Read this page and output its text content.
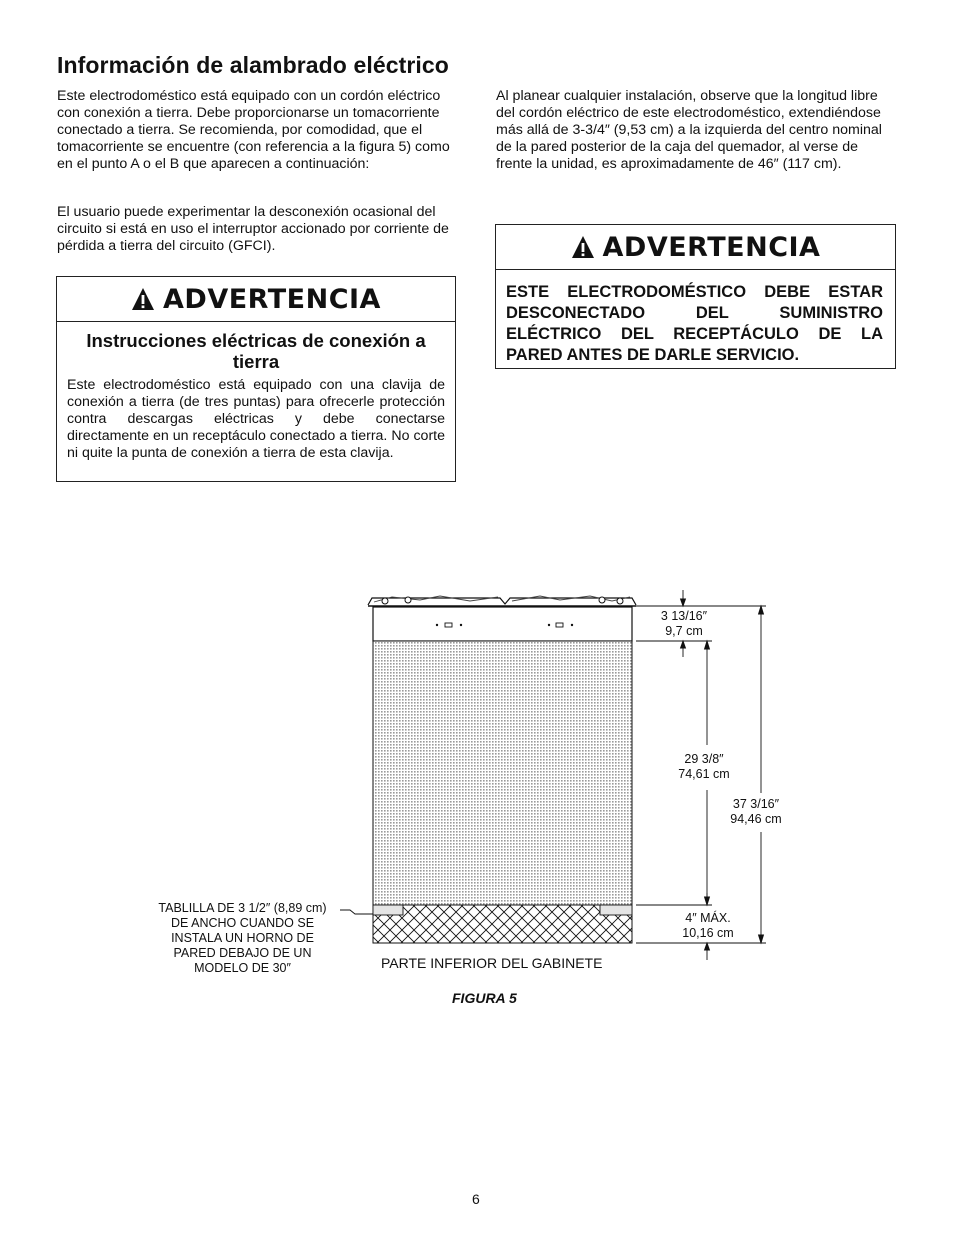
Información de alambrado eléctrico

Este electrodoméstico está equipado con un cordón eléctrico con conexión a tierra. Debe proporcionarse un tomacorriente conectado a tierra. Se recomienda, por comodidad, que el tomacorriente se encuentre (con referencia a la figura 5) como en el punto A o el B que aparecen a continuación:

El usuario puede experimentar la desconexión ocasional del circuito si está en uso el interruptor accionado por corriente de pérdida a tierra del circuito (GFCI).

Al planear cualquier instalación, observe que la longitud libre del cordón eléctrico de este electrodoméstico, extendiéndose más allá de 3-3/4″ (9,53 cm) a la izquierda del centro nominal de la pared posterior de la caja del quemador, al verse de frente la unidad, es aproximadamente de 46″ (117 cm).

ADVERTENCIA
Instrucciones eléctricas de conexión a tierra

Este electrodoméstico está equipado con una clavija de conexión a tierra (de tres puntas) para ofrecerle protección contra descargas eléctricas y debe conectarse directamente en un receptáculo conectado a tierra. No corte ni quite la punta de conexión a tierra de esta clavija.

ADVERTENCIA

ESTE ELECTRODOMÉSTICO DEBE ESTAR DESCONECTADO DEL SUMINISTRO ELÉCTRICO DEL RECEPTÁCULO DE LA PARED ANTES DE DARLE SERVICIO.

3 13/16″
9,7 cm
29 3/8″
74,61 cm
37 3/16″
94,46 cm
4″ MÁX.
10,16 cm
TABLILLA DE 3 1/2″ (8,89 cm)
DE ANCHO CUANDO SE
INSTALA UN HORNO DE
PARED DEBAJO DE UN
MODELO DE 30″	PARTE INFERIOR DEL GABINETE
FIGURA 5
6
